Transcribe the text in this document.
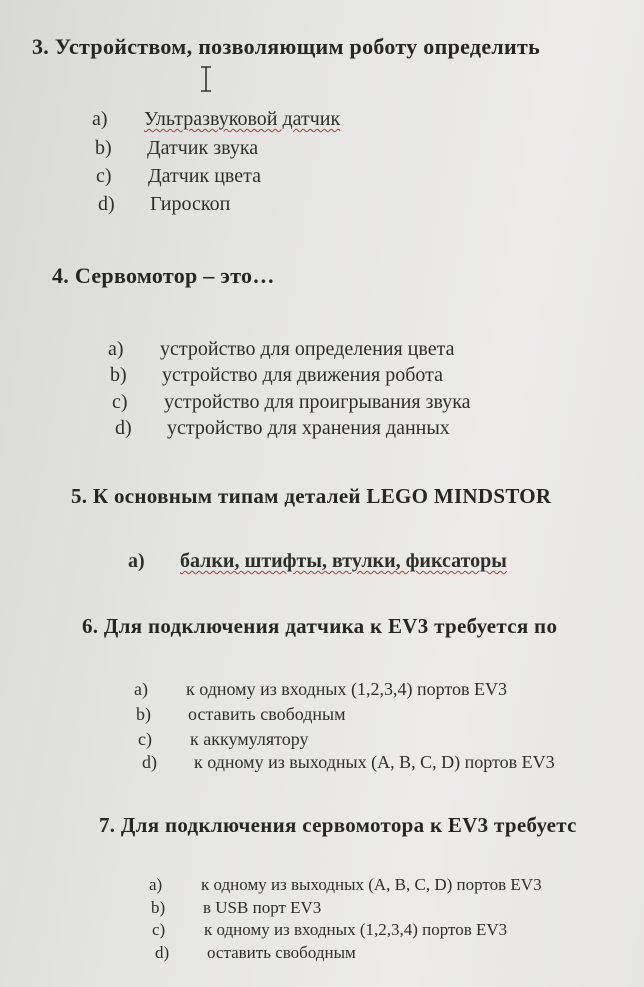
3. Устройством, позволяющим роботу определить
a) Ультразвуковой датчик
b) Датчик звука
c) Датчик цвета
d) Гироскоп
4. Сервомотор – это…
a) устройство для определения цвета
b) устройство для движения робота
c) устройство для проигрывания звука
d) устройство для хранения данных
5. К основным типам деталей LEGO MINDSTOR
a) балки, штифты, втулки, фиксаторы
6. Для подключения датчика к EV3 требуется по
a) к одному из входных (1,2,3,4) портов EV3
b) оставить свободным
c) к аккумулятору
d) к одному из выходных (A, B, C, D) портов EV3
7. Для подключения сервомотора к EV3 требуетс
a) к одному из выходных (A, B, C, D) портов EV3
b) в USB порт EV3
c) к одному из входных (1,2,3,4) портов EV3
d) оставить свободным
